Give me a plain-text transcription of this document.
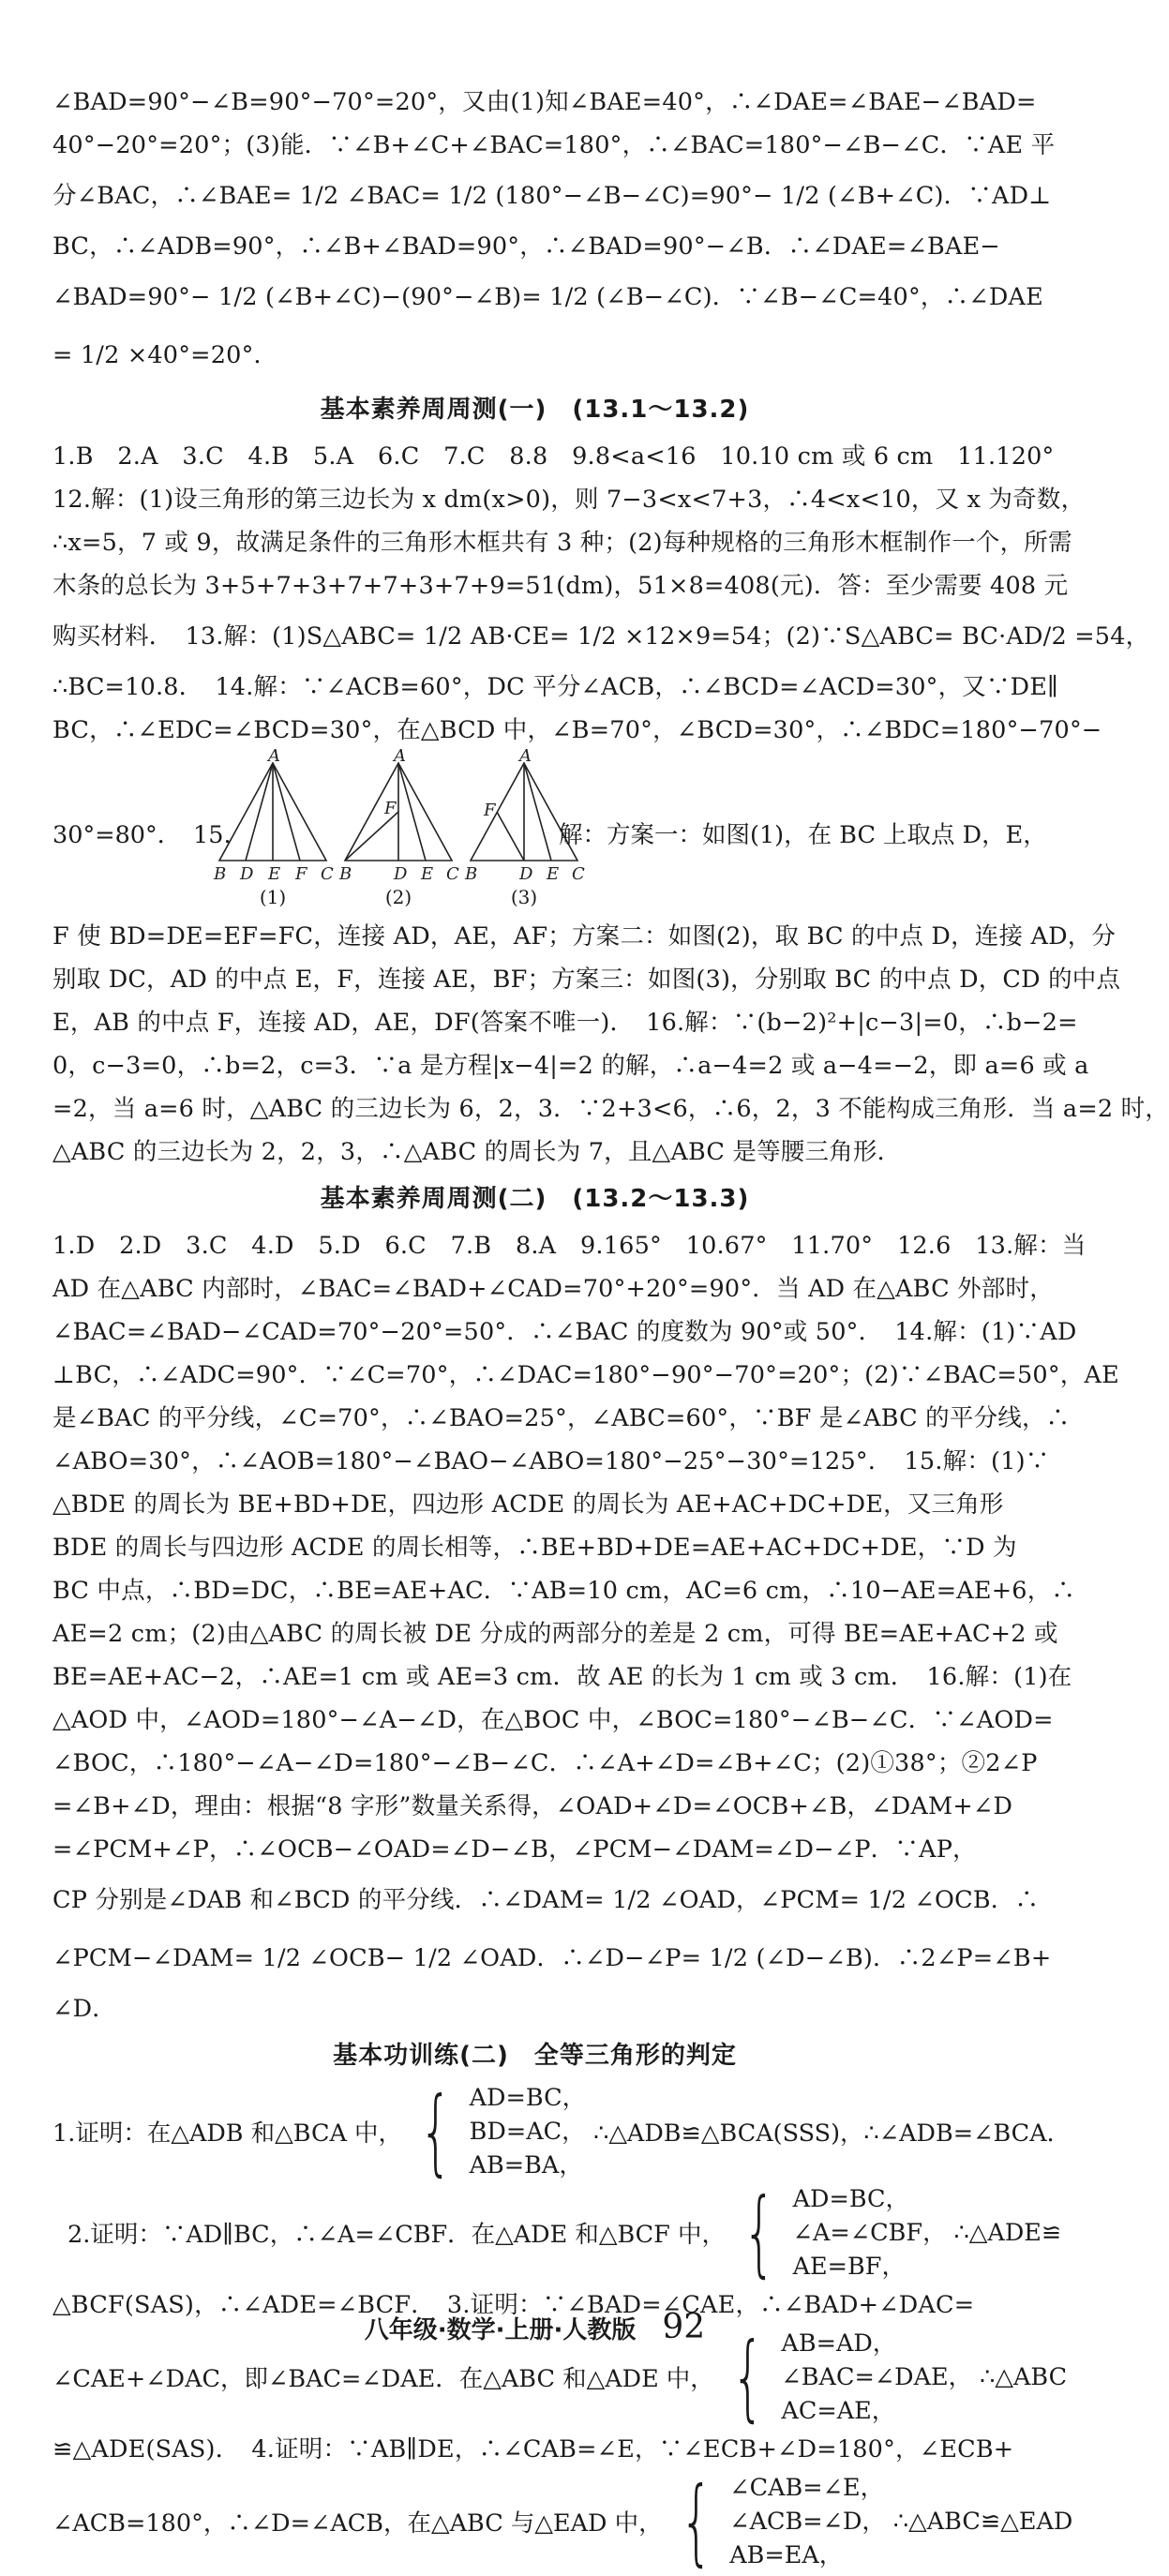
∠BAD=90°−∠B=90°−70°=20°，又由(1)知∠BAE=40°，∴∠DAE=∠BAE−∠BAD=
40°−20°=20°；(3)能．∵∠B+∠C+∠BAC=180°，∴∠BAC=180°−∠B−∠C．∵AE 平
分∠BAC，∴∠BAE= 1/2 ∠BAC= 1/2 (180°−∠B−∠C)=90°− 1/2 (∠B+∠C)．∵AD⊥
BC，∴∠ADB=90°，∴∠B+∠BAD=90°，∴∠BAD=90°−∠B．∴∠DAE=∠BAE−
∠BAD=90°− 1/2 (∠B+∠C)−(90°−∠B)= 1/2 (∠B−∠C)．∵∠B−∠C=40°，∴∠DAE
= 1/2 ×40°=20°．
基本素养周周测(一)　(13.1～13.2)
1.B　2.A　3.C　4.B　5.A　6.C　7.C　8.8　9.8<a<16　10.10 cm 或 6 cm　11.120°
12.解：(1)设三角形的第三边长为 x dm(x>0)，则 7−3<x<7+3，∴4<x<10，又 x 为奇数，
∴x=5，7 或 9，故满足条件的三角形木框共有 3 种；(2)每种规格的三角形木框制作一个，所需
木条的总长为 3+5+7+3+7+7+3+7+9=51(dm)，51×8=408(元)．答：至少需要 408 元
购买材料．　13.解：(1)S△ABC= 1/2 AB·CE= 1/2 ×12×9=54；(2)∵S△ABC= BC·AD/2 =54，
∴BC=10.8．　14.解：∵∠ACB=60°，DC 平分∠ACB，∴∠BCD=∠ACD=30°，又∵DE∥
BC，∴∠EDC=∠BCD=30°，在△BCD 中，∠B=70°，∠BCD=30°，∴∠BDC=180°−70°−
30°=80°．　15.
A
B D E F C
(1)
A
F
B D E C
(2)
A
F
B D E C
(3)
解：方案一：如图(1)，在 BC 上取点 D，E，
F 使 BD=DE=EF=FC，连接 AD，AE，AF；方案二：如图(2)，取 BC 的中点 D，连接 AD，分
别取 DC，AD 的中点 E，F，连接 AE，BF；方案三：如图(3)，分别取 BC 的中点 D，CD 的中点
E，AB 的中点 F，连接 AD，AE，DF(答案不唯一)．　16.解：∵(b−2)²+|c−3|=0，∴b−2=
0，c−3=0，∴b=2，c=3．∵a 是方程|x−4|=2 的解，∴a−4=2 或 a−4=−2，即 a=6 或 a
=2，当 a=6 时，△ABC 的三边长为 6，2，3．∵2+3<6，∴6，2，3 不能构成三角形．当 a=2 时，
△ABC 的三边长为 2，2，3，∴△ABC 的周长为 7，且△ABC 是等腰三角形．
基本素养周周测(二)　(13.2～13.3)
1.D　2.D　3.C　4.D　5.D　6.C　7.B　8.A　9.165°　10.67°　11.70°　12.6　13.解：当
AD 在△ABC 内部时，∠BAC=∠BAD+∠CAD=70°+20°=90°．当 AD 在△ABC 外部时，
∠BAC=∠BAD−∠CAD=70°−20°=50°．∴∠BAC 的度数为 90°或 50°．　14.解：(1)∵AD
⊥BC，∴∠ADC=90°．∵∠C=70°，∴∠DAC=180°−90°−70°=20°；(2)∵∠BAC=50°，AE
是∠BAC 的平分线，∠C=70°，∴∠BAO=25°，∠ABC=60°，∵BF 是∠ABC 的平分线，∴
∠ABO=30°，∴∠AOB=180°−∠BAO−∠ABO=180°−25°−30°=125°．　15.解：(1)∵
△BDE 的周长为 BE+BD+DE，四边形 ACDE 的周长为 AE+AC+DC+DE，又三角形
BDE 的周长与四边形 ACDE 的周长相等，∴BE+BD+DE=AE+AC+DC+DE，∵D 为
BC 中点，∴BD=DC，∴BE=AE+AC．∵AB=10 cm，AC=6 cm，∴10−AE=AE+6，∴
AE=2 cm；(2)由△ABC 的周长被 DE 分成的两部分的差是 2 cm，可得 BE=AE+AC+2 或
BE=AE+AC−2，∴AE=1 cm 或 AE=3 cm．故 AE 的长为 1 cm 或 3 cm．　16.解：(1)在
△AOD 中，∠AOD=180°−∠A−∠D，在△BOC 中，∠BOC=180°−∠B−∠C．∵∠AOD=
∠BOC，∴180°−∠A−∠D=180°−∠B−∠C．∴∠A+∠D=∠B+∠C；(2)①38°；②2∠P
=∠B+∠D，理由：根据“8 字形”数量关系得，∠OAD+∠D=∠OCB+∠B，∠DAM+∠D
=∠PCM+∠P，∴∠OCB−∠OAD=∠D−∠B，∠PCM−∠DAM=∠D−∠P．∵AP，
CP 分别是∠DAB 和∠BCD 的平分线．∴∠DAM= 1/2 ∠OAD，∠PCM= 1/2 ∠OCB．∴
∠PCM−∠DAM= 1/2 ∠OCB− 1/2 ∠OAD．∴∠D−∠P= 1/2 (∠D−∠B)．∴2∠P=∠B+
∠D．
基本功训练(二)　全等三角形的判定
1.证明：在△ADB 和△BCA 中， { AD=BC，
BD=AC，
AB=BA，
∴△ADB≌△BCA(SSS)，∴∠ADB=∠BCA．
2.证明：∵AD∥BC，∴∠A=∠CBF．在△ADE 和△BCF 中， { AD=BC，
∠A=∠CBF，
AE=BF，
∴△ADE≌
△BCF(SAS)，∴∠ADE=∠BCF．　3.证明：∵∠BAD=∠CAE，∴∠BAD+∠DAC=
∠CAE+∠DAC，即∠BAC=∠DAE．在△ABC 和△ADE 中， { AB=AD，
∠BAC=∠DAE，
AC=AE，
∴△ABC
≌△ADE(SAS)．　4.证明：∵AB∥DE，∴∠CAB=∠E，∵∠ECB+∠D=180°，∠ECB+
∠ACB=180°，∴∠D=∠ACB，在△ABC 与△EAD 中， { ∠CAB=∠E，
∠ACB=∠D，
AB=EA，
∴△ABC≌△EAD
八年级·数学·上册·人教版 92
